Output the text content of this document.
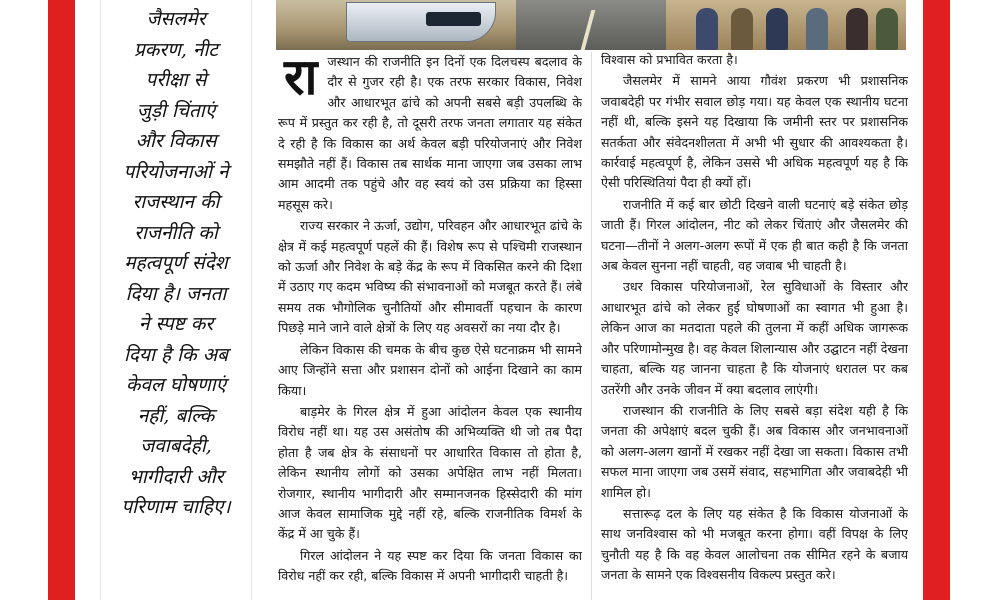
जैसलमेर
प्रकरण, नीट
परीक्षा से
जुड़ी चिंताएं
और विकास
परियोजनाओं ने
राजस्थान की
राजनीति को
महत्वपूर्ण संदेश
दिया है। जनता
ने स्पष्ट कर
दिया है कि अब
केवल घोषणाएं
नहीं, बल्कि
जवाबदेही,
भागीदारी और
परिणाम चाहिए।
रा जस्थान की राजनीति इन दिनों एक दिलचस्प बदलाव के दौर से गुजर रही है। एक तरफ सरकार विकास, निवेश और आधारभूत ढांचे को अपनी सबसे बड़ी उपलब्धि के रूप में प्रस्तुत कर रही है, तो दूसरी तरफ जनता लगातार यह संकेत दे रही है कि विकास का अर्थ केवल बड़ी परियोजनाएं और निवेश समझौते नहीं हैं। विकास तब सार्थक माना जाएगा जब उसका लाभ आम आदमी तक पहुंचे और वह स्वयं को उस प्रक्रिया का हिस्सा महसूस करे।

राज्य सरकार ने ऊर्जा, उद्योग, परिवहन और आधारभूत ढांचे के क्षेत्र में कई महत्वपूर्ण पहलें की हैं। विशेष रूप से पश्चिमी राजस्थान को ऊर्जा और निवेश के बड़े केंद्र के रूप में विकसित करने की दिशा में उठाए गए कदम भविष्य की संभावनाओं को मजबूत करते हैं। लंबे समय तक भौगोलिक चुनौतियों और सीमावर्ती पहचान के कारण पिछड़े माने जाने वाले क्षेत्रों के लिए यह अवसरों का नया दौर है।

लेकिन विकास की चमक के बीच कुछ ऐसे घटनाक्रम भी सामने आए जिन्होंने सत्ता और प्रशासन दोनों को आईना दिखाने का काम किया।

बाड़मेर के गिरल क्षेत्र में हुआ आंदोलन केवल एक स्थानीय विरोध नहीं था। यह उस असंतोष की अभिव्यक्ति थी जो तब पैदा होता है जब क्षेत्र के संसाधनों पर आधारित विकास तो होता है, लेकिन स्थानीय लोगों को उसका अपेक्षित लाभ नहीं मिलता। रोजगार, स्थानीय भागीदारी और सम्मानजनक हिस्सेदारी की मांग आज केवल सामाजिक मुद्दे नहीं रहे, बल्कि राजनीतिक विमर्श के केंद्र में आ चुके हैं।

गिरल आंदोलन ने यह स्पष्ट कर दिया कि जनता विकास का विरोध नहीं कर रही, बल्कि विकास में अपनी भागीदारी चाहती है।

विश्वास को प्रभावित करता है।

जैसलमेर में सामने आया गौवंश प्रकरण भी प्रशासनिक जवाबदेही पर गंभीर सवाल छोड़ गया। यह केवल एक स्थानीय घटना नहीं थी, बल्कि इसने यह दिखाया कि जमीनी स्तर पर प्रशासनिक सतर्कता और संवेदनशीलता में अभी भी सुधार की आवश्यकता है। कार्रवाई महत्वपूर्ण है, लेकिन उससे भी अधिक महत्वपूर्ण यह है कि ऐसी परिस्थितियां पैदा ही क्यों हों।

राजनीति में कई बार छोटी दिखने वाली घटनाएं बड़े संकेत छोड़ जाती हैं। गिरल आंदोलन, नीट को लेकर चिंताएं और जैसलमेर की घटना—तीनों ने अलग-अलग रूपों में एक ही बात कही है कि जनता अब केवल सुनना नहीं चाहती, वह जवाब भी चाहती है।

उधर विकास परियोजनाओं, रेल सुविधाओं के विस्तार और आधारभूत ढांचे को लेकर हुई घोषणाओं का स्वागत भी हुआ है। लेकिन आज का मतदाता पहले की तुलना में कहीं अधिक जागरूक और परिणामोन्मुख है। वह केवल शिलान्यास और उद्घाटन नहीं देखना चाहता, बल्कि यह जानना चाहता है कि योजनाएं धरातल पर कब उतरेंगी और उनके जीवन में क्या बदलाव लाएंगी।

राजस्थान की राजनीति के लिए सबसे बड़ा संदेश यही है कि जनता की अपेक्षाएं बदल चुकी हैं। अब विकास और जनभावनाओं को अलग-अलग खानों में रखकर नहीं देखा जा सकता। विकास तभी सफल माना जाएगा जब उसमें संवाद, सहभागिता और जवाबदेही भी शामिल हो।

सत्तारूढ़ दल के लिए यह संकेत है कि विकास योजनाओं के साथ जनविश्वास को भी मजबूत करना होगा। वहीं विपक्ष के लिए चुनौती यह है कि वह केवल आलोचना तक सीमित रहने के बजाय जनता के सामने एक विश्वसनीय विकल्प प्रस्तुत करे।
